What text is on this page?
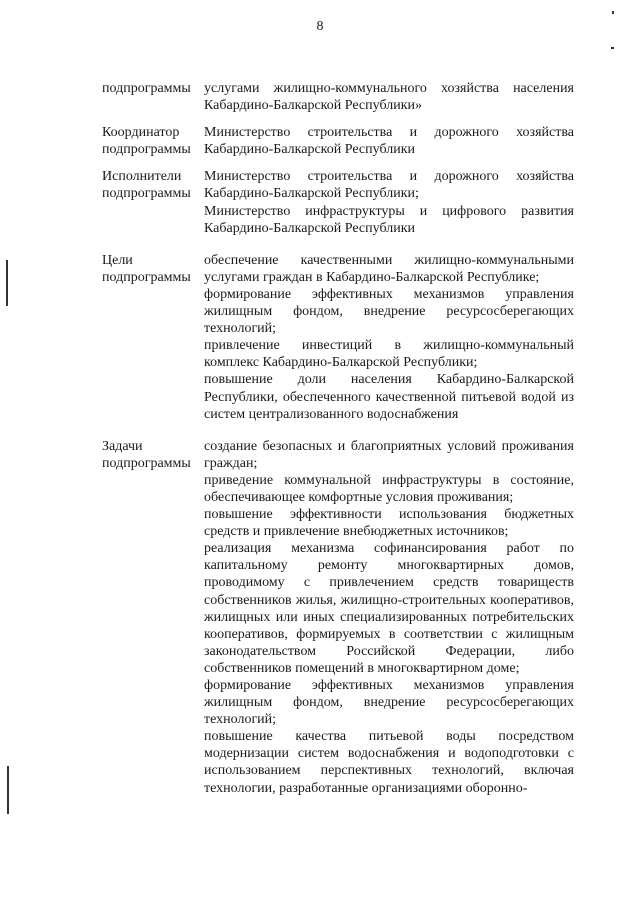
8
подпрограммы услугами жилищно-коммунального хозяйства населения Кабардино-Балкарской Республики»

Координатор подпрограммы

Министерство строительства и дорожного хозяйства Кабардино-Балкарской Республики

Исполнители подпрограммы

Министерство строительства и дорожного хозяйства Кабардино-Балкарской Республики;

Министерство инфраструктуры и цифрового развития Кабардино-Балкарской Республики

Цели подпрограммы

обеспечение качественными жилищно-коммунальными услугами граждан в Кабардино-Балкарской Республике;

формирование эффективных механизмов управления жилищным фондом, внедрение ресурсосберегающих технологий;

привлечение инвестиций в жилищно-коммунальный комплекс Кабардино-Балкарской Республики;

повышение доли населения Кабардино-Балкарской Республики, обеспеченного качественной питьевой водой из систем централизованного водоснабжения

Задачи подпрограммы

создание безопасных и благоприятных условий проживания граждан;

приведение коммунальной инфраструктуры в состояние, обеспечивающее комфортные условия проживания;

повышение эффективности использования бюджетных средств и привлечение внебюджетных источников;

реализация механизма софинансирования работ по капитальному ремонту многоквартирных домов, проводимому с привлечением средств товариществ собственников жилья, жилищно-строительных кооперативов, жилищных или иных специализированных потребительских кооперативов, формируемых в соответствии с жилищным законодательством Российской Федерации, либо собственников помещений в многоквартирном доме;

формирование эффективных механизмов управления жилищным фондом, внедрение ресурсосберегающих технологий;

повышение качества питьевой воды посредством модернизации систем водоснабжения и водоподготовки с использованием перспективных технологий, включая технологии, разработанные организациями оборонно-
